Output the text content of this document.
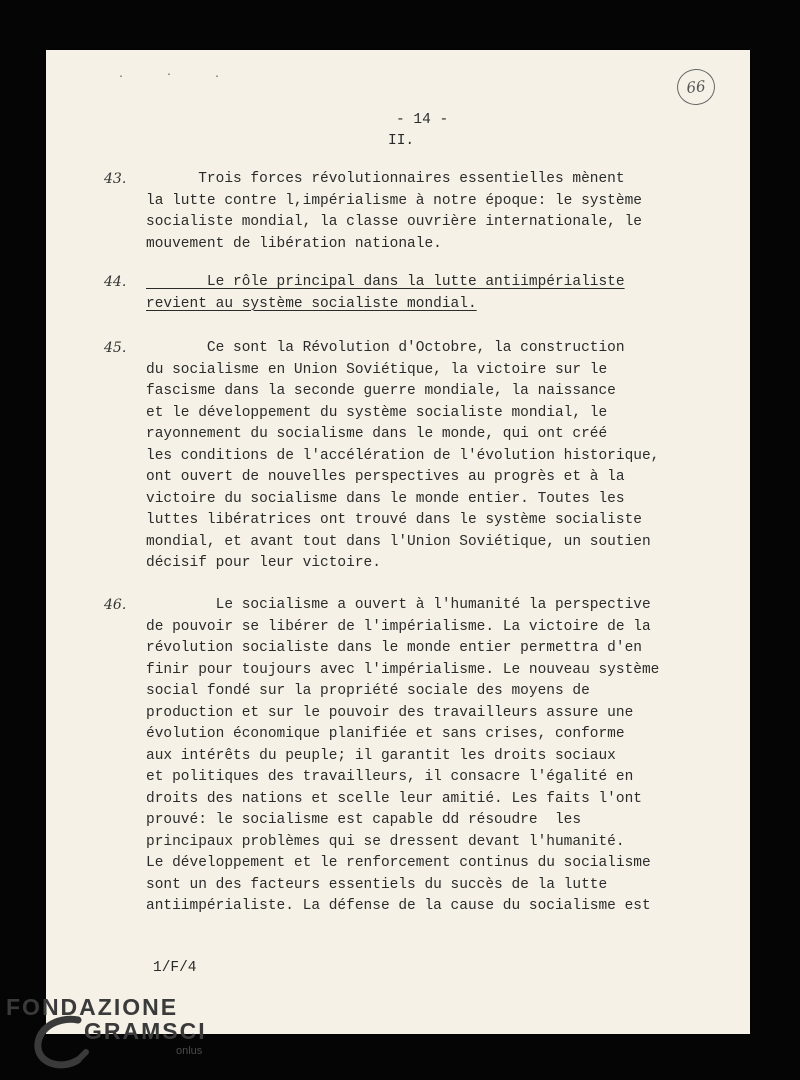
. · .
66
- 14 -
II.
43. Trois forces révolutionnaires essentielles mènent
la lutte contre l,impérialisme à notre époque: le système
socialiste mondial, la classe ouvrière internationale, le
mouvement de libération nationale.
44. Le rôle principal dans la lutte antiimpérialiste
revient au système socialiste mondial.
45. Ce sont la Révolution d'Octobre, la construction
du socialisme en Union Soviétique, la victoire sur le
fascisme dans la seconde guerre mondiale, la naissance
et le développement du système socialiste mondial, le
rayonnement du socialisme dans le monde, qui ont créé
les conditions de l'accélération de l'évolution historique,
ont ouvert de nouvelles perspectives au progrès et à la
victoire du socialisme dans le monde entier. Toutes les
luttes libératrices ont trouvé dans le système socialiste
mondial, et avant tout dans l'Union Soviétique, un soutien
décisif pour leur victoire.
46. Le socialisme a ouvert à l'humanité la perspective
de pouvoir se libérer de l'impérialisme. La victoire de la
révolution socialiste dans le monde entier permettra d'en
finir pour toujours avec l'impérialisme. Le nouveau système
social fondé sur la propriété sociale des moyens de
production et sur le pouvoir des travailleurs assure une
évolution économique planifiée et sans crises, conforme
aux intérêts du peuple; il garantit les droits sociaux
et politiques des travailleurs, il consacre l'égalité en
droits des nations et scelle leur amitié. Les faits l'ont
prouvé: le socialisme est capable dd résoudre  les
principaux problèmes qui se dressent devant l'humanité.
Le développement et le renforcement continus du socialisme
sont un des facteurs essentiels du succès de la lutte
antiimpérialiste. La défense de la cause du socialisme est
1/F/4
FONDAZIONE
GRAMSCI
onlus
